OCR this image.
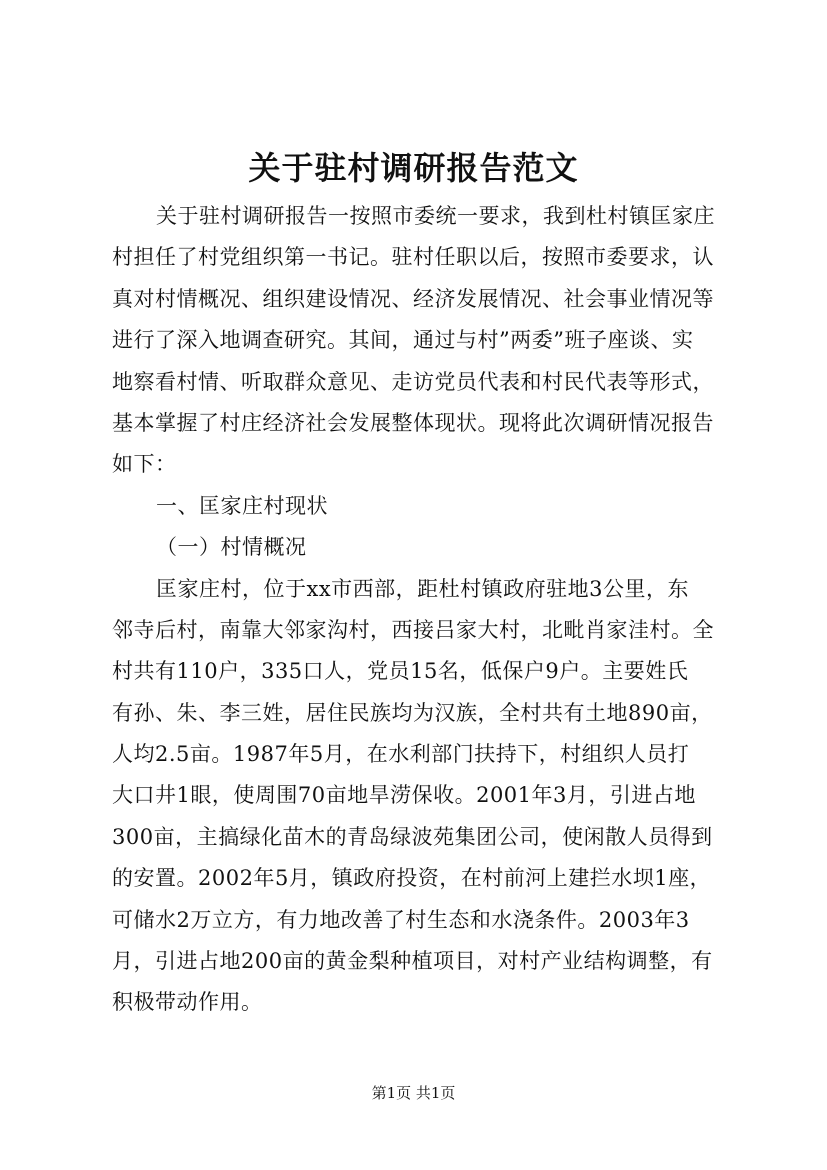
关于驻村调研报告范文
关于驻村调研报告一按照市委统一要求，我到杜村镇匡家庄
村担任了村党组织第一书记。驻村任职以后，按照市委要求，认
真对村情概况、组织建设情况、经济发展情况、社会事业情况等
进行了深入地调查研究。其间，通过与村”两委”班子座谈、实
地察看村情、听取群众意见、走访党员代表和村民代表等形式，
基本掌握了村庄经济社会发展整体现状。现将此次调研情况报告
如下：
一、匡家庄村现状
（一）村情概况
匡家庄村，位于xx市西部，距杜村镇政府驻地3公里，东
邻寺后村，南靠大邻家沟村，西接吕家大村，北毗肖家洼村。全
村共有110户，335口人，党员15名，低保户9户。主要姓氏
有孙、朱、李三姓，居住民族均为汉族，全村共有土地890亩，
人均2.5亩。1987年5月，在水利部门扶持下，村组织人员打
大口井1眼，使周围70亩地旱涝保收。2001年3月，引进占地
300亩，主搞绿化苗木的青岛绿波苑集团公司，使闲散人员得到
的安置。2002年5月，镇政府投资，在村前河上建拦水坝1座，
可储水2万立方，有力地改善了村生态和水浇条件。2003年3
月，引进占地200亩的黄金梨种植项目，对村产业结构调整，有
积极带动作用。
第1页 共1页
